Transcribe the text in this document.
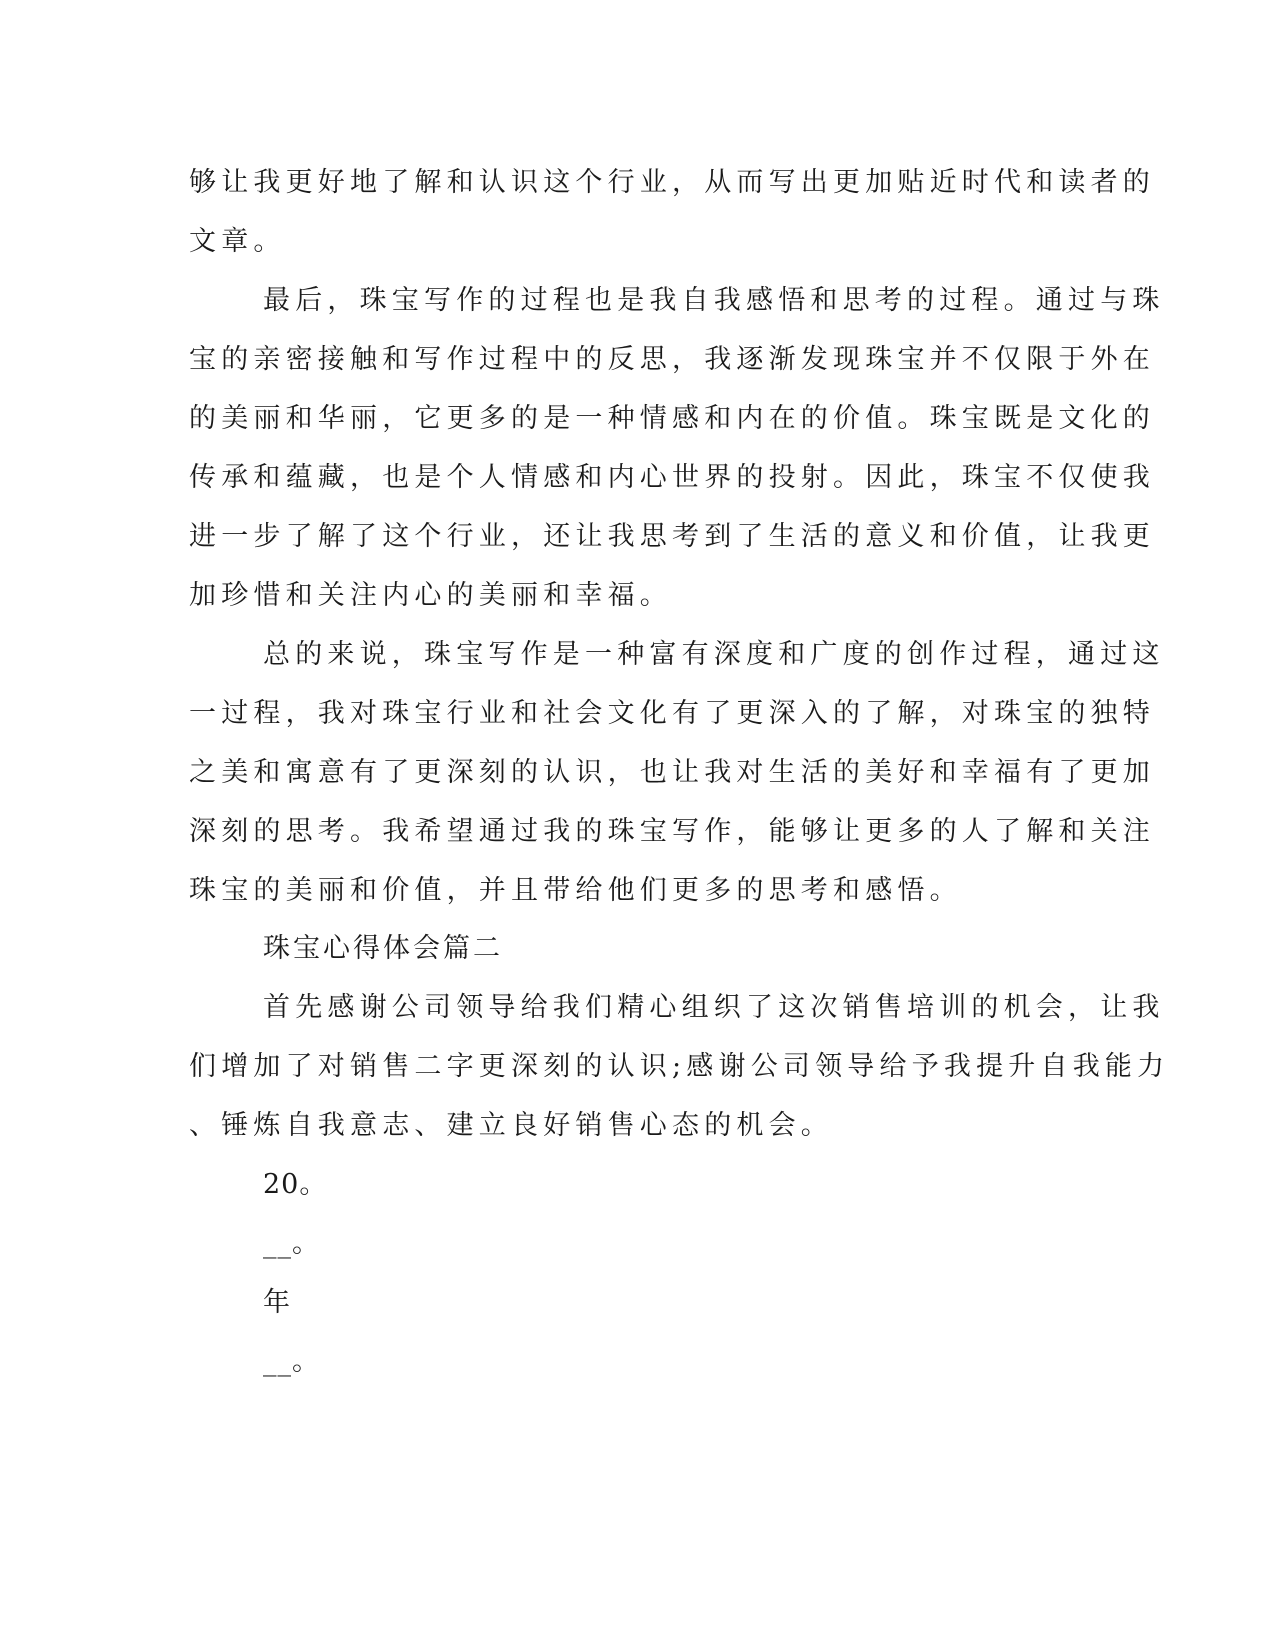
够让我更好地了解和认识这个行业，从而写出更加贴近时代和读者的
文章。
最后，珠宝写作的过程也是我自我感悟和思考的过程。通过与珠
宝的亲密接触和写作过程中的反思，我逐渐发现珠宝并不仅限于外在
的美丽和华丽，它更多的是一种情感和内在的价值。珠宝既是文化的
传承和蕴藏，也是个人情感和内心世界的投射。因此，珠宝不仅使我
进一步了解了这个行业，还让我思考到了生活的意义和价值，让我更
加珍惜和关注内心的美丽和幸福。
总的来说，珠宝写作是一种富有深度和广度的创作过程，通过这
一过程，我对珠宝行业和社会文化有了更深入的了解，对珠宝的独特
之美和寓意有了更深刻的认识，也让我对生活的美好和幸福有了更加
深刻的思考。我希望通过我的珠宝写作，能够让更多的人了解和关注
珠宝的美丽和价值，并且带给他们更多的思考和感悟。
珠宝心得体会篇二
首先感谢公司领导给我们精心组织了这次销售培训的机会，让我
们增加了对销售二字更深刻的认识;感谢公司领导给予我提升自我能力
、锤炼自我意志、建立良好销售心态的机会。
20。
__。
年
__。
